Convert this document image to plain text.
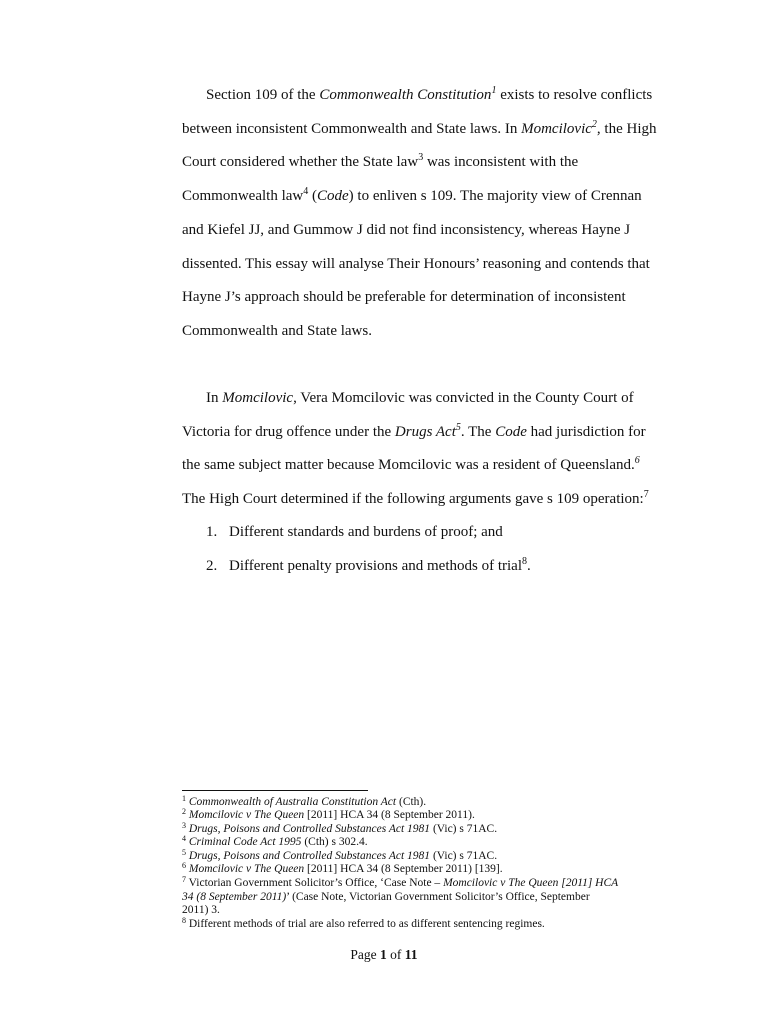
Section 109 of the Commonwealth Constitution$^1$ exists to resolve conflicts
between inconsistent Commonwealth and State laws. In Momcilovic$^2$, the High
Court considered whether the State law$^3$ was inconsistent with the
Commonwealth law$^4$ (Code) to enliven s 109. The majority view of Crennan
and Kiefel JJ, and Gummow J did not find inconsistency, whereas Hayne J
dissented. This essay will analyse Their Honours’ reasoning and contends that
Hayne J’s approach should be preferable for determination of inconsistent
Commonwealth and State laws.
In Momcilovic, Vera Momcilovic was convicted in the County Court of
Victoria for drug offence under the Drugs Act$^5$. The Code had jurisdiction for
the same subject matter because Momcilovic was a resident of Queensland.$^6$
The High Court determined if the following arguments gave s 109 operation:$^7$
1. Different standards and burdens of proof; and
2. Different penalty provisions and methods of trial$^8$.
$^1$ Commonwealth of Australia Constitution Act (Cth).
$^2$ Momcilovic v The Queen [2011] HCA 34 (8 September 2011).
$^3$ Drugs, Poisons and Controlled Substances Act 1981 (Vic) s 71AC.
$^4$ Criminal Code Act 1995 (Cth) s 302.4.
$^5$ Drugs, Poisons and Controlled Substances Act 1981 (Vic) s 71AC.
$^6$ Momcilovic v The Queen [2011] HCA 34 (8 September 2011) [139].
$^7$ Victorian Government Solicitor’s Office, ‘Case Note – Momcilovic v The Queen [2011] HCA
34 (8 September 2011)’ (Case Note, Victorian Government Solicitor’s Office, September
2011) 3.
$^8$ Different methods of trial are also referred to as different sentencing regimes.
Page 1 of 11
